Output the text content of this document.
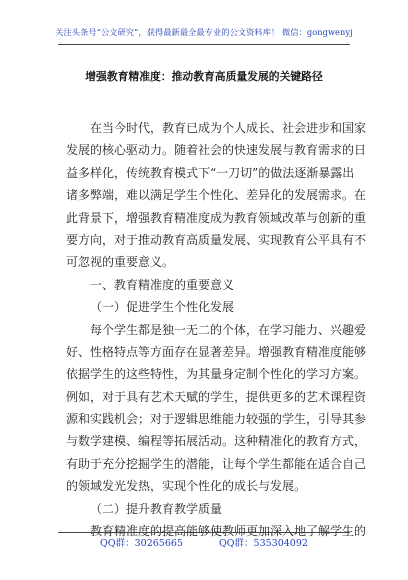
关注头条号“公文研究”，获得最新最全最专业的公文资料库！ 微信：gongwenyj
增强教育精准度：推动教育高质量发展的关键路径
在当今时代，教育已成为个人成长、社会进步和国家
发展的核心驱动力。随着社会的快速发展与教育需求的日
益多样化，传统教育模式下“一刀切”的做法逐渐暴露出
诸多弊端，难以满足学生个性化、差异化的发展需求。在
此背景下，增强教育精准度成为教育领域改革与创新的重
要方向，对于推动教育高质量发展、实现教育公平具有不
可忽视的重要意义。
一、教育精准度的重要意义
（一）促进学生个性化发展
每个学生都是独一无二的个体，在学习能力、兴趣爱
好、性格特点等方面存在显著差异。增强教育精准度能够
依据学生的这些特性，为其量身定制个性化的学习方案。
例如，对于具有艺术天赋的学生，提供更多的艺术课程资
源和实践机会；对于逻辑思维能力较强的学生，引导其参
与数学建模、编程等拓展活动。这种精准化的教育方式，
有助于充分挖掘学生的潜能，让每个学生都能在适合自己
的领域发光发热，实现个性化的成长与发展。
（二）提升教育教学质量
教育精准度的提高能够使教师更加深入地了解学生的
QQ群：30265665	QQ群：535304092
